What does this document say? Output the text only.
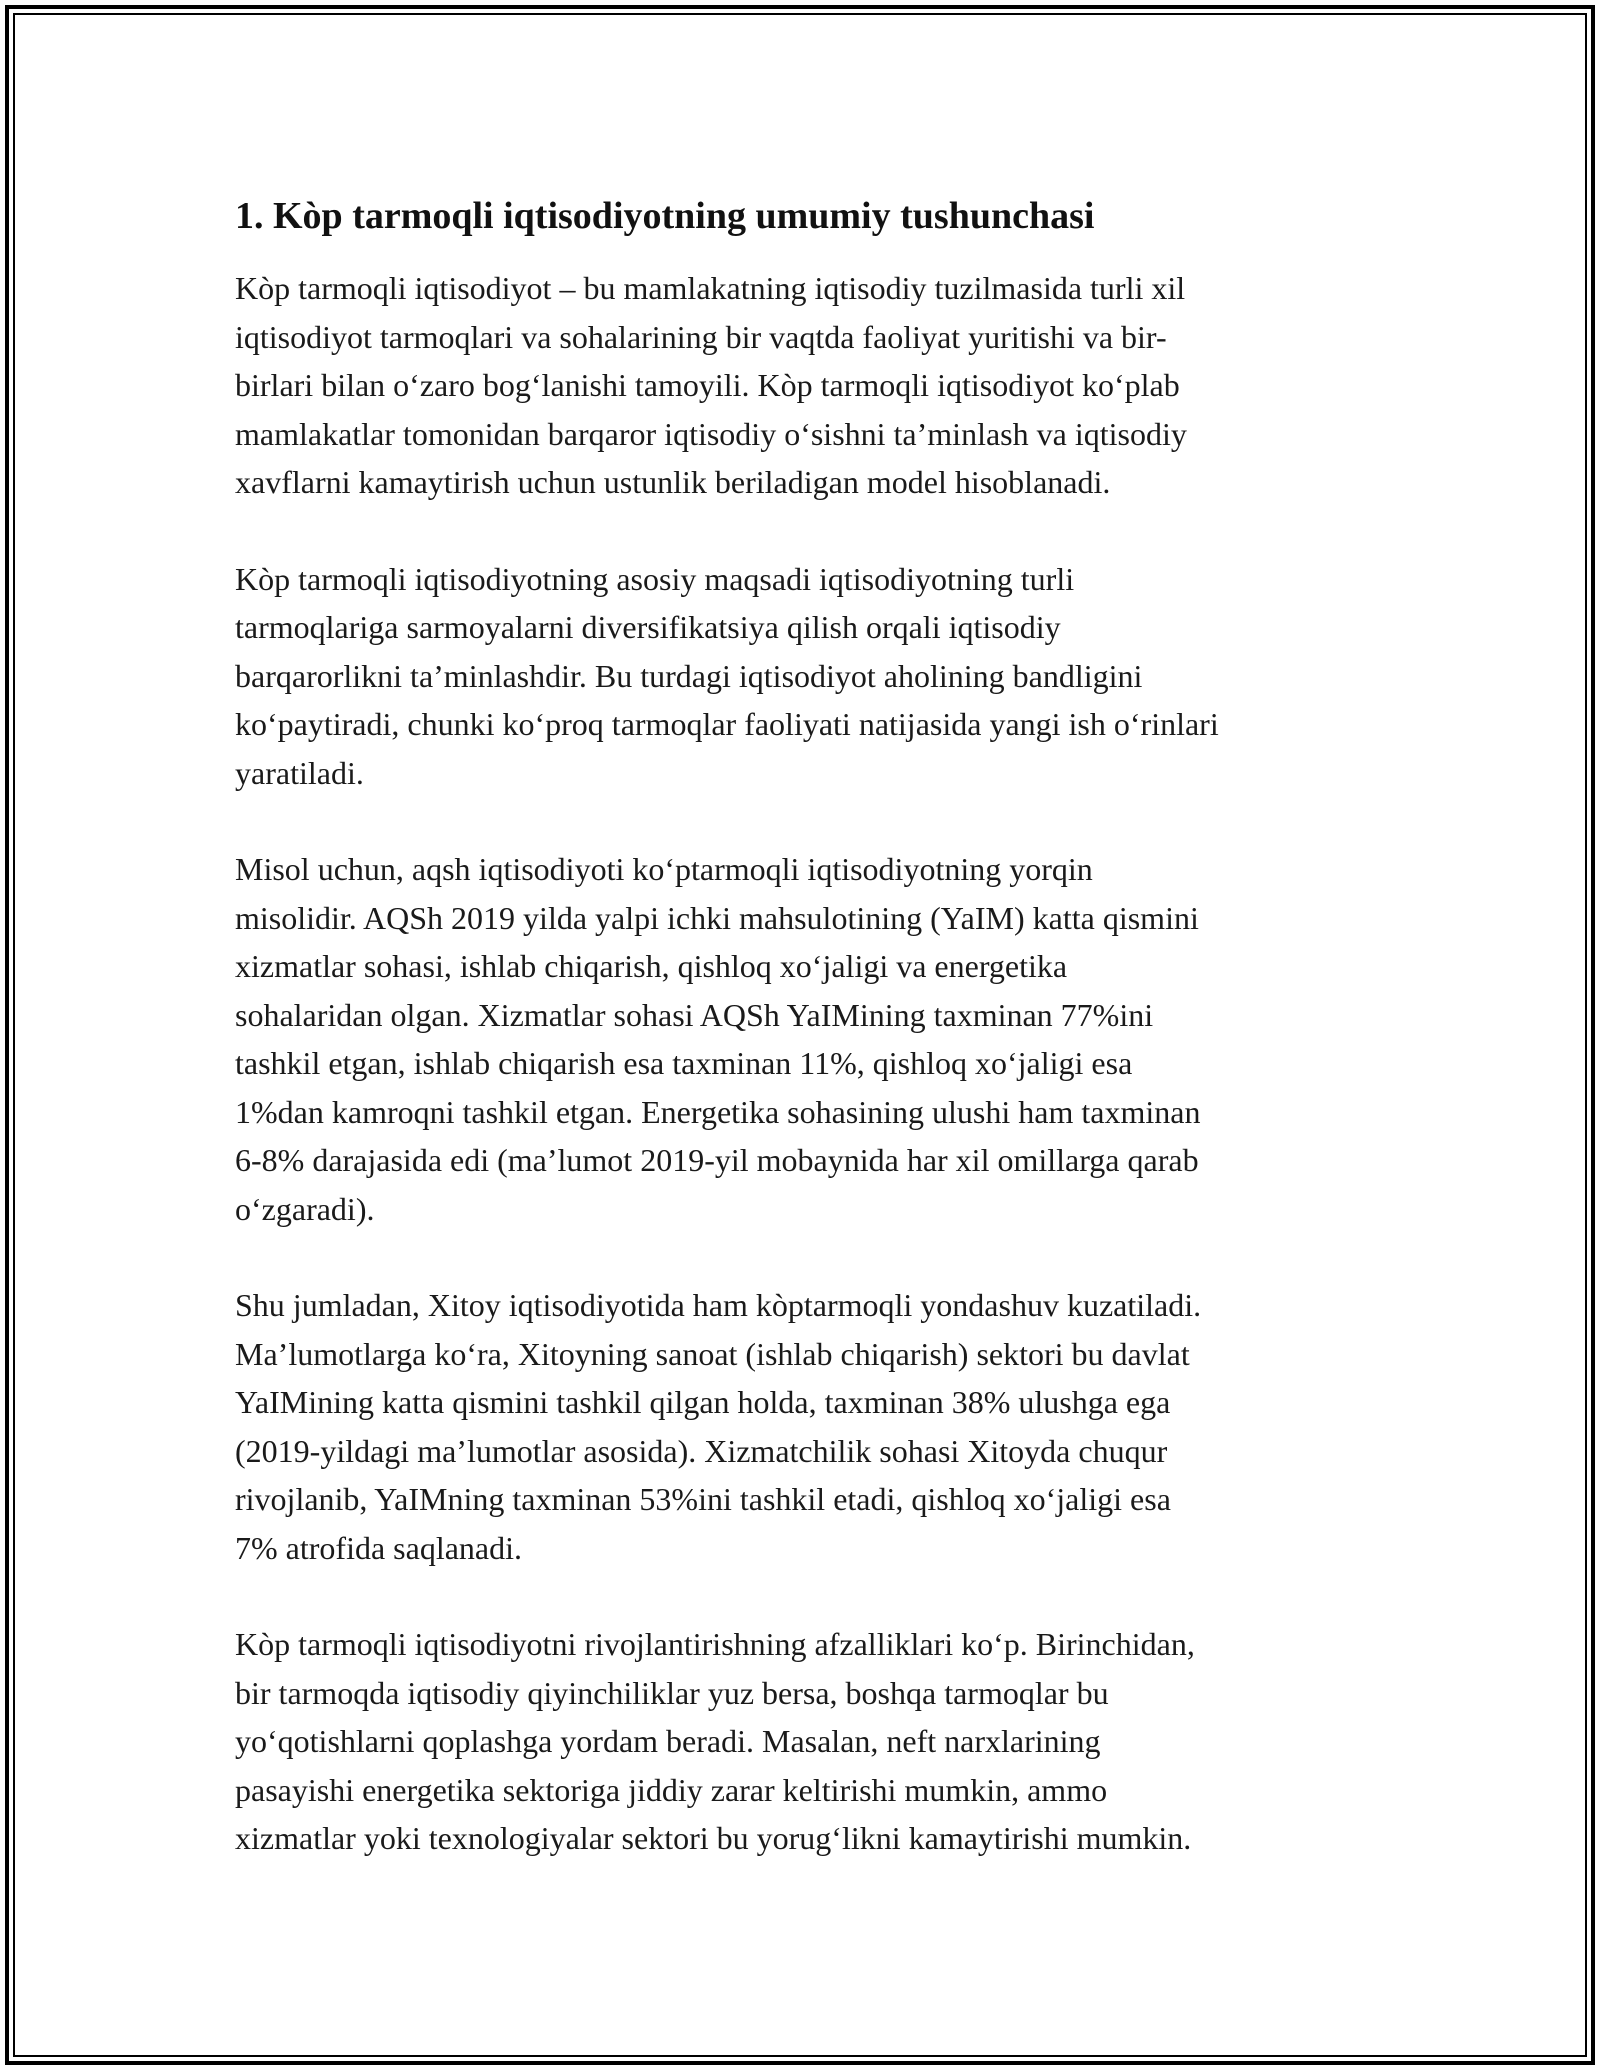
1. Kòp tarmoqli iqtisodiyotning umumiy tushunchasi

Kòp tarmoqli iqtisodiyot – bu mamlakatning iqtisodiy tuzilmasida turli xil
iqtisodiyot tarmoqlari va sohalarining bir vaqtda faoliyat yuritishi va bir-
birlari bilan o‘zaro bog‘lanishi tamoyili. Kòp tarmoqli iqtisodiyot ko‘plab
mamlakatlar tomonidan barqaror iqtisodiy o‘sishni ta’minlash va iqtisodiy
xavflarni kamaytirish uchun ustunlik beriladigan model hisoblanadi.

Kòp tarmoqli iqtisodiyotning asosiy maqsadi iqtisodiyotning turli
tarmoqlariga sarmoyalarni diversifikatsiya qilish orqali iqtisodiy
barqarorlikni ta’minlashdir. Bu turdagi iqtisodiyot aholining bandligini
ko‘paytiradi, chunki ko‘proq tarmoqlar faoliyati natijasida yangi ish o‘rinlari
yaratiladi.

Misol uchun, aqsh iqtisodiyoti ko‘ptarmoqli iqtisodiyotning yorqin
misolidir. AQSh 2019 yilda yalpi ichki mahsulotining (YaIM) katta qismini
xizmatlar sohasi, ishlab chiqarish, qishloq xo‘jaligi va energetika
sohalaridan olgan. Xizmatlar sohasi AQSh YaIMining taxminan 77%ini
tashkil etgan, ishlab chiqarish esa taxminan 11%, qishloq xo‘jaligi esa
1%dan kamroqni tashkil etgan. Energetika sohasining ulushi ham taxminan
6-8% darajasida edi (ma’lumot 2019-yil mobaynida har xil omillarga qarab
o‘zgaradi).

Shu jumladan, Xitoy iqtisodiyotida ham kòptarmoqli yondashuv kuzatiladi.
Ma’lumotlarga ko‘ra, Xitoyning sanoat (ishlab chiqarish) sektori bu davlat
YaIMining katta qismini tashkil qilgan holda, taxminan 38% ulushga ega
(2019-yildagi ma’lumotlar asosida). Xizmatchilik sohasi Xitoyda chuqur
rivojlanib, YaIMning taxminan 53%ini tashkil etadi, qishloq xo‘jaligi esa
7% atrofida saqlanadi.

Kòp tarmoqli iqtisodiyotni rivojlantirishning afzalliklari ko‘p. Birinchidan,
bir tarmoqda iqtisodiy qiyinchiliklar yuz bersa, boshqa tarmoqlar bu
yo‘qotishlarni qoplashga yordam beradi. Masalan, neft narxlarining
pasayishi energetika sektoriga jiddiy zarar keltirishi mumkin, ammo
xizmatlar yoki texnologiyalar sektori bu yorug‘likni kamaytirishi mumkin.
